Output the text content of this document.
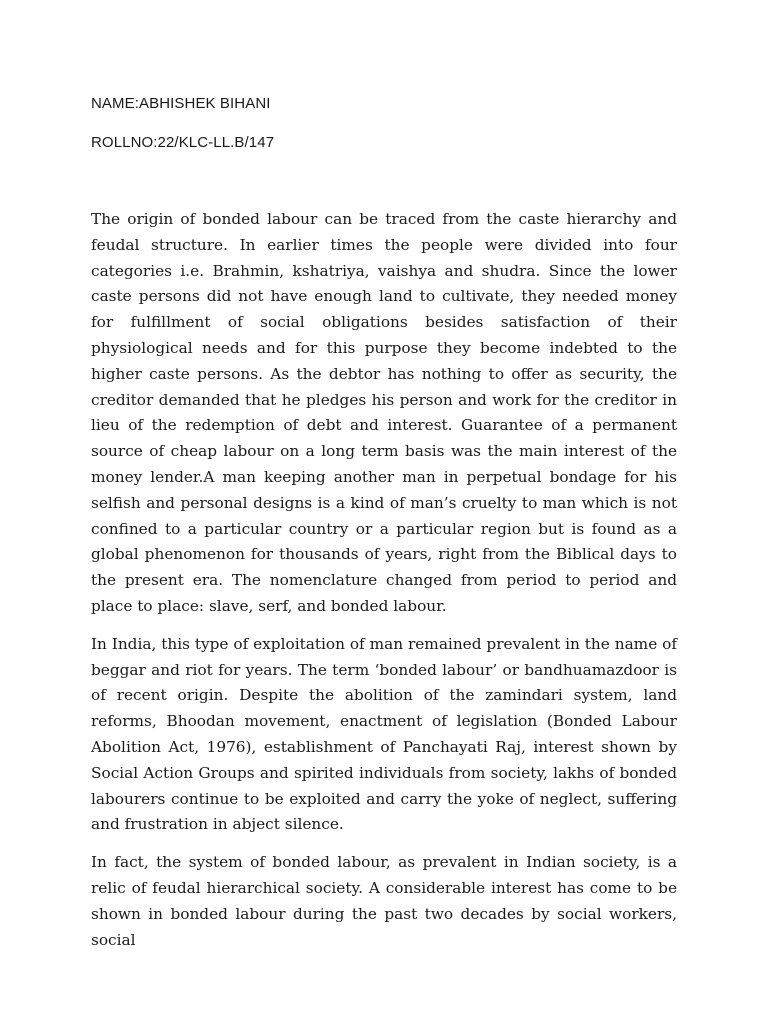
NAME:ABHISHEK BIHANI
ROLLNO:22/KLC-LL.B/147

The origin of bonded labour can be traced from the caste hierarchy and feudal structure. In earlier times the people were divided into four categories i.e. Brahmin, kshatriya, vaishya and shudra. Since the lower caste persons did not have enough land to cultivate, they needed money for fulfillment of social obligations besides satisfaction of their physiological needs and for this purpose they become indebted to the higher caste persons. As the debtor has nothing to offer as security, the creditor demanded that he pledges his person and work for the creditor in lieu of the redemption of debt and interest. Guarantee of a permanent source of cheap labour on a long term basis was the main interest of the money lender.A man keeping another man in perpetual bondage for his selfish and personal designs is a kind of man’s cruelty to man which is not confined to a particular country or a particular region but is found as a global phenomenon for thousands of years, right from the Biblical days to the present era. The nomenclature changed from period to period and place to place: slave, serf, and bonded labour.

In India, this type of exploitation of man remained prevalent in the name of beggar and riot for years. The term ‘bonded labour’ or bandhuamazdoor is of recent origin. Despite the abolition of the zamindari system, land reforms, Bhoodan movement, enactment of legislation (Bonded Labour Abolition Act, 1976), establishment of Panchayati Raj, interest shown by Social Action Groups and spirited individuals from society, lakhs of bonded labourers continue to be exploited and carry the yoke of neglect, suffering and frustration in abject silence.

In fact, the system of bonded labour, as prevalent in Indian society, is a relic of feudal hierarchical society. A considerable interest has come to be shown in bonded labour during the past two decades by social workers, social
